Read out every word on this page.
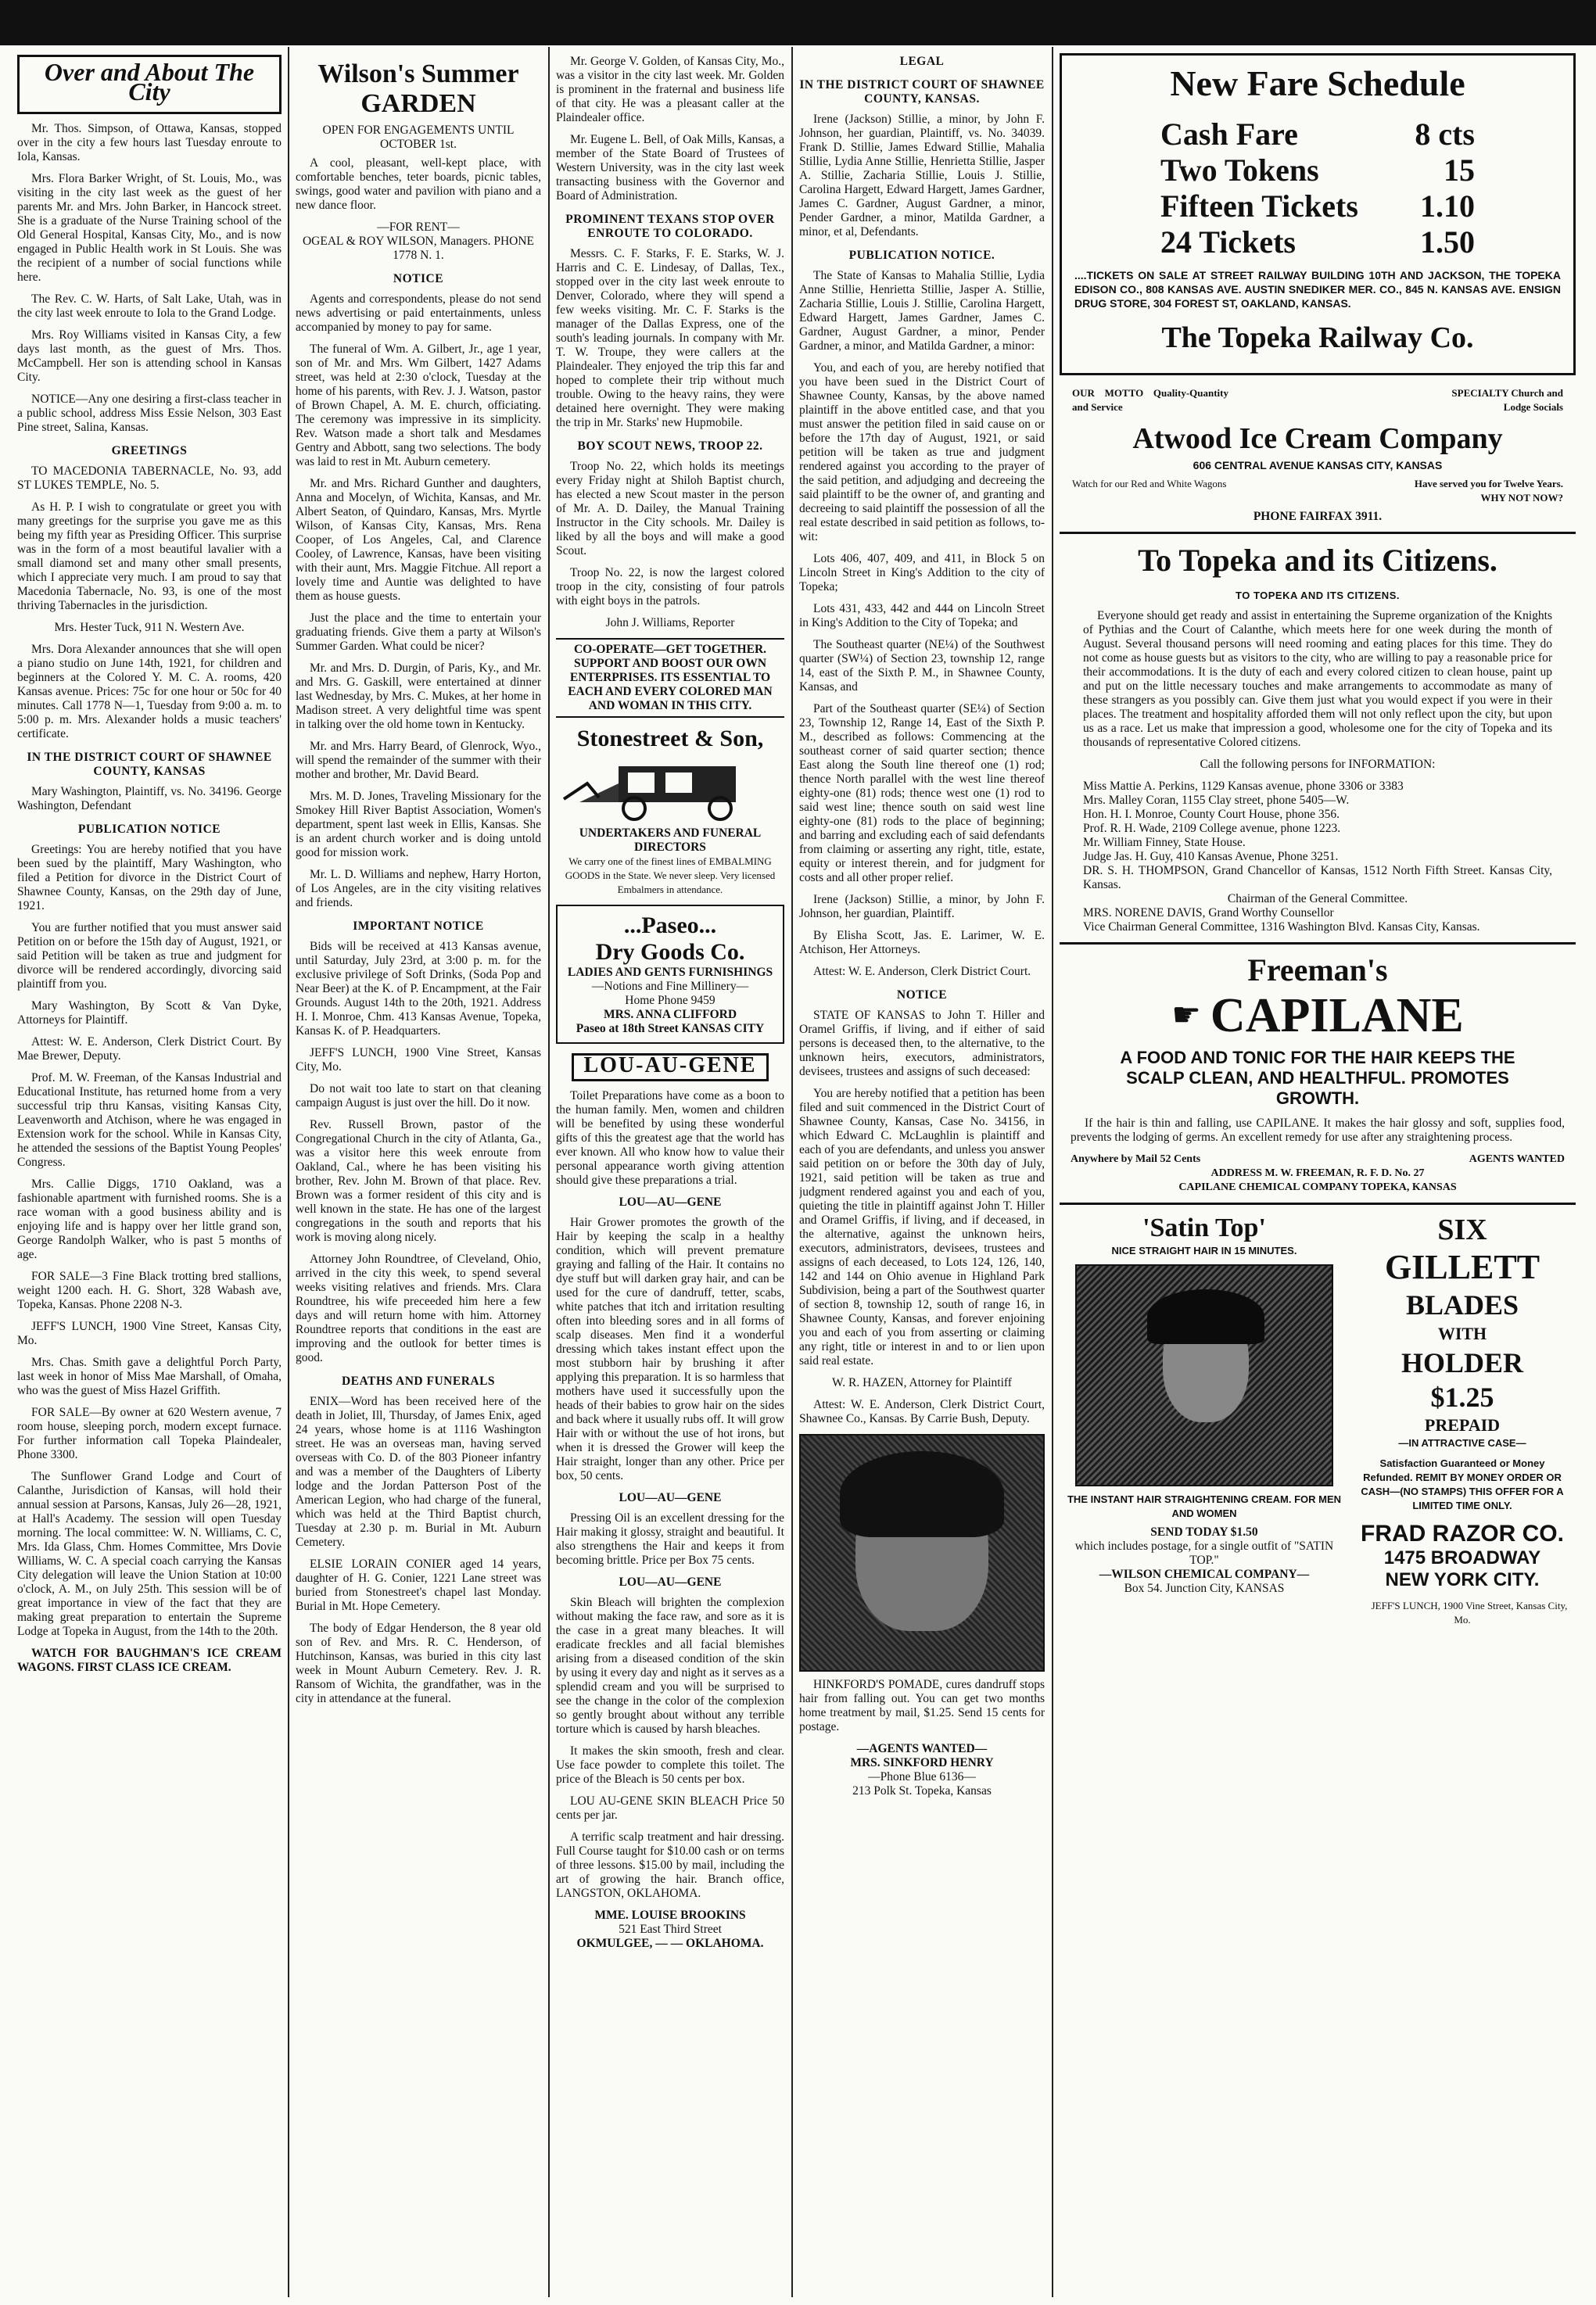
Over and About The City

Mr. Thos. Simpson, of Ottawa, Kansas, stopped over in the city a few hours last Tuesday enroute to Iola, Kansas.

Mrs. Flora Barker Wright, of St. Louis, Mo., was visiting in the city last week as the guest of her parents Mr. and Mrs. John Barker, in Hancock street. She is a graduate of the Nurse Training school of the Old General Hospital, Kansas City, Mo., and is now engaged in Public Health work in St Louis. She was the recipient of a number of social functions while here.

The Rev. C. W. Harts, of Salt Lake, Utah, was in the city last week enroute to Iola to the Grand Lodge.

Mrs. Roy Williams visited in Kansas City, a few days last month, as the guest of Mrs. Thos. McCampbell. Her son is attending school in Kansas City.

NOTICE—Any one desiring a first-class teacher in a public school, address Miss Essie Nelson, 303 East Pine street, Salina, Kansas.

GREETINGS

TO MACEDONIA TABERNACLE, No. 93, add ST LUKES TEMPLE, No. 5.

As H. P. I wish to congratulate or greet you with many greetings for the surprise you gave me as this being my fifth year as Presiding Officer. This surprise was in the form of a most beautiful lavalier with a small diamond set and many other small presents, which I appreciate very much. I am proud to say that Macedonia Tabernacle, No. 93, is one of the most thriving Tabernacles in the jurisdiction.

Mrs. Hester Tuck, 911 N. Western Ave.

Mrs. Dora Alexander announces that she will open a piano studio on June 14th, 1921, for children and beginners at the Colored Y. M. C. A. rooms, 420 Kansas avenue. Prices: 75c for one hour or 50c for 40 minutes. Call 1778 N—1, Tuesday from 9:00 a. m. to 5:00 p. m. Mrs. Alexander holds a music teachers' certificate.

IN THE DISTRICT COURT OF SHAWNEE COUNTY, KANSAS

Mary Washington, Plaintiff, vs. No. 34196. George Washington, Defendant

PUBLICATION NOTICE

Greetings: You are hereby notified that you have been sued by the plaintiff, Mary Washington, who filed a Petition for divorce in the District Court of Shawnee County, Kansas, on the 29th day of June, 1921.

You are further notified that you must answer said Petition on or before the 15th day of August, 1921, or said Petition will be taken as true and judgment for divorce will be rendered accordingly, divorcing said plaintiff from you.

Mary Washington, By Scott & Van Dyke, Attorneys for Plaintiff.

Attest: W. E. Anderson, Clerk District Court. By Mae Brewer, Deputy.

Prof. M. W. Freeman, of the Kansas Industrial and Educational Institute, has returned home from a very successful trip thru Kansas, visiting Kansas City, Leavenworth and Atchison, where he was engaged in Extension work for the school. While in Kansas City, he attended the sessions of the Baptist Young Peoples' Congress.

Mrs. Callie Diggs, 1710 Oakland, was a fashionable apartment with furnished rooms. She is a race woman with a good business ability and is enjoying life and is happy over her little grand son, George Randolph Walker, who is past 5 months of age.

FOR SALE—3 Fine Black trotting bred stallions, weight 1200 each. H. G. Short, 328 Wabash ave, Topeka, Kansas. Phone 2208 N-3.

JEFF'S LUNCH, 1900 Vine Street, Kansas City, Mo.

Mrs. Chas. Smith gave a delightful Porch Party, last week in honor of Miss Mae Marshall, of Omaha, who was the guest of Miss Hazel Griffith.

FOR SALE—By owner at 620 Western avenue, 7 room house, sleeping porch, modern except furnace. For further information call Topeka Plaindealer, Phone 3300.

The Sunflower Grand Lodge and Court of Calanthe, Jurisdiction of Kansas, will hold their annual session at Parsons, Kansas, July 26—28, 1921, at Hall's Academy. The session will open Tuesday morning. The local committee: W. N. Williams, C. C, Mrs. Ida Glass, Chm. Homes Committee, Mrs Dovie Williams, W. C. A special coach carrying the Kansas City delegation will leave the Union Station at 10:00 o'clock, A. M., on July 25th. This session will be of great importance in view of the fact that they are making great preparation to entertain the Supreme Lodge at Topeka in August, from the 14th to the 20th.

WATCH FOR BAUGHMAN'S ICE CREAM WAGONS. FIRST CLASS ICE CREAM.

Wilson's Summer
GARDEN
OPEN FOR ENGAGEMENTS UNTIL OCTOBER 1st.

A cool, pleasant, well-kept place, with comfortable benches, teter boards, picnic tables, swings, good water and pavilion with piano and a new dance floor.

—FOR RENT—
OGEAL & ROY WILSON, Managers. PHONE 1778 N. 1.
NOTICE

Agents and correspondents, please do not send news advertising or paid entertainments, unless accompanied by money to pay for same.

The funeral of Wm. A. Gilbert, Jr., age 1 year, son of Mr. and Mrs. Wm Gilbert, 1427 Adams street, was held at 2:30 o'clock, Tuesday at the home of his parents, with Rev. J. J. Watson, pastor of Brown Chapel, A. M. E. church, officiating. The ceremony was impressive in its simplicity. Rev. Watson made a short talk and Mesdames Gentry and Abbott, sang two selections. The body was laid to rest in Mt. Auburn cemetery.

Mr. and Mrs. Richard Gunther and daughters, Anna and Mocelyn, of Wichita, Kansas, and Mr. Albert Seaton, of Quindaro, Kansas, Mrs. Myrtle Wilson, of Kansas City, Kansas, Mrs. Rena Cooper, of Los Angeles, Cal, and Clarence Cooley, of Lawrence, Kansas, have been visiting with their aunt, Mrs. Maggie Fitchue. All report a lovely time and Auntie was delighted to have them as house guests.

Just the place and the time to entertain your graduating friends. Give them a party at Wilson's Summer Garden. What could be nicer?

Mr. and Mrs. D. Durgin, of Paris, Ky., and Mr. and Mrs. G. Gaskill, were entertained at dinner last Wednesday, by Mrs. C. Mukes, at her home in Madison street. A very delightful time was spent in talking over the old home town in Kentucky.

Mr. and Mrs. Harry Beard, of Glenrock, Wyo., will spend the remainder of the summer with their mother and brother, Mr. David Beard.

Mrs. M. D. Jones, Traveling Missionary for the Smokey Hill River Baptist Association, Women's department, spent last week in Ellis, Kansas. She is an ardent church worker and is doing untold good for mission work.

Mr. L. D. Williams and nephew, Harry Horton, of Los Angeles, are in the city visiting relatives and friends.

IMPORTANT NOTICE

Bids will be received at 413 Kansas avenue, until Saturday, July 23rd, at 3:00 p. m. for the exclusive privilege of Soft Drinks, (Soda Pop and Near Beer) at the K. of P. Encampment, at the Fair Grounds. August 14th to the 20th, 1921. Address H. I. Monroe, Chm. 413 Kansas Avenue, Topeka, Kansas K. of P. Headquarters.

JEFF'S LUNCH, 1900 Vine Street, Kansas City, Mo.

Do not wait too late to start on that cleaning campaign August is just over the hill. Do it now.

Rev. Russell Brown, pastor of the Congregational Church in the city of Atlanta, Ga., was a visitor here this week enroute from Oakland, Cal., where he has been visiting his brother, Rev. John M. Brown of that place. Rev. Brown was a former resident of this city and is well known in the state. He has one of the largest congregations in the south and reports that his work is moving along nicely.

Attorney John Roundtree, of Cleveland, Ohio, arrived in the city this week, to spend several weeks visiting relatives and friends. Mrs. Clara Roundtree, his wife preceeded him here a few days and will return home with him. Attorney Roundtree reports that conditions in the east are improving and the outlook for better times is good.

DEATHS AND FUNERALS

ENIX—Word has been received here of the death in Joliet, Ill, Thursday, of James Enix, aged 24 years, whose home is at 1116 Washington street. He was an overseas man, having served overseas with Co. D. of the 803 Pioneer infantry and was a member of the Daughters of Liberty lodge and the Jordan Patterson Post of the American Legion, who had charge of the funeral, which was held at the Third Baptist church, Tuesday at 2.30 p. m. Burial in Mt. Auburn Cemetery.

ELSIE LORAIN CONIER aged 14 years, daughter of H. G. Conier, 1221 Lane street was buried from Stonestreet's chapel last Monday. Burial in Mt. Hope Cemetery.

The body of Edgar Henderson, the 8 year old son of Rev. and Mrs. R. C. Henderson, of Hutchinson, Kansas, was buried in this city last week in Mount Auburn Cemetery. Rev. J. R. Ransom of Wichita, the grandfather, was in the city in attendance at the funeral.

Mr. George V. Golden, of Kansas City, Mo., was a visitor in the city last week. Mr. Golden is prominent in the fraternal and business life of that city. He was a pleasant caller at the Plaindealer office.

Mr. Eugene L. Bell, of Oak Mills, Kansas, a member of the State Board of Trustees of Western University, was in the city last week transacting business with the Governor and Board of Administration.

PROMINENT TEXANS STOP OVER ENROUTE TO COLORADO.

Messrs. C. F. Starks, F. E. Starks, W. J. Harris and C. E. Lindesay, of Dallas, Tex., stopped over in the city last week enroute to Denver, Colorado, where they will spend a few weeks visiting. Mr. C. F. Starks is the manager of the Dallas Express, one of the south's leading journals. In company with Mr. T. W. Troupe, they were callers at the Plaindealer. They enjoyed the trip this far and hoped to complete their trip without much trouble. Owing to the heavy rains, they were detained here overnight. They were making the trip in Mr. Starks' new Hupmobile.

BOY SCOUT NEWS, TROOP 22.

Troop No. 22, which holds its meetings every Friday night at Shiloh Baptist church, has elected a new Scout master in the person of Mr. A. D. Dailey, the Manual Training Instructor in the City schools. Mr. Dailey is liked by all the boys and will make a good Scout.

Troop No. 22, is now the largest colored troop in the city, consisting of four patrols with eight boys in the patrols.

John J. Williams, Reporter

CO-OPERATE—GET TOGETHER. SUPPORT AND BOOST OUR OWN ENTERPRISES. ITS ESSENTIAL TO EACH AND EVERY COLORED MAN AND WOMAN IN THIS CITY.

Stonestreet & Son,
UNDERTAKERS AND FUNERAL DIRECTORS

We carry one of the finest lines of EMBALMING GOODS in the State. We never sleep. Very licensed Embalmers in attendance.

...Paseo...
Dry Goods Co.
LADIES AND GENTS FURNISHINGS
—Notions and Fine Millinery—
Home Phone 9459
MRS. ANNA CLIFFORD
Paseo at 18th Street KANSAS CITY
LOU-AU-GENE

Toilet Preparations have come as a boon to the human family. Men, women and children will be benefited by using these wonderful gifts of this the greatest age that the world has ever known. All who know how to value their personal appearance worth giving attention should give these preparations a trial.

LOU—AU—GENE

Hair Grower promotes the growth of the Hair by keeping the scalp in a healthy condition, which will prevent premature graying and falling of the Hair. It contains no dye stuff but will darken gray hair, and can be used for the cure of dandruff, tetter, scabs, white patches that itch and irritation resulting often into bleeding sores and in all forms of scalp diseases. Men find it a wonderful dressing which takes instant effect upon the most stubborn hair by brushing it after applying this preparation. It is so harmless that mothers have used it successfully upon the heads of their babies to grow hair on the sides and back where it usually rubs off. It will grow Hair with or without the use of hot irons, but when it is dressed the Grower will keep the Hair straight, longer than any other. Price per box, 50 cents.

LOU—AU—GENE

Pressing Oil is an excellent dressing for the Hair making it glossy, straight and beautiful. It also strengthens the Hair and keeps it from becoming brittle. Price per Box 75 cents.

LOU—AU—GENE

Skin Bleach will brighten the complexion without making the face raw, and sore as it is the case in a great many bleaches. It will eradicate freckles and all facial blemishes arising from a diseased condition of the skin by using it every day and night as it serves as a splendid cream and you will be surprised to see the change in the color of the complexion so gently brought about without any terrible torture which is caused by harsh bleaches.

It makes the skin smooth, fresh and clear. Use face powder to complete this toilet. The price of the Bleach is 50 cents per box.

LOU AU-GENE SKIN BLEACH Price 50 cents per jar.

A terrific scalp treatment and hair dressing. Full Course taught for $10.00 cash or on terms of three lessons. $15.00 by mail, including the art of growing the hair. Branch office, LANGSTON, OKLAHOMA.

MME. LOUISE BROOKINS
521 East Third Street
OKMULGEE, — — OKLAHOMA.
LEGAL
IN THE DISTRICT COURT OF SHAWNEE COUNTY, KANSAS.

Irene (Jackson) Stillie, a minor, by John F. Johnson, her guardian, Plaintiff, vs. No. 34039. Frank D. Stillie, James Edward Stillie, Mahalia Stillie, Lydia Anne Stillie, Henrietta Stillie, Jasper A. Stillie, Zacharia Stillie, Louis J. Stillie, Carolina Hargett, Edward Hargett, James Gardner, James C. Gardner, August Gardner, a minor, Pender Gardner, a minor, Matilda Gardner, a minor, et al, Defendants.

PUBLICATION NOTICE.

The State of Kansas to Mahalia Stillie, Lydia Anne Stillie, Henrietta Stillie, Jasper A. Stillie, Zacharia Stillie, Louis J. Stillie, Carolina Hargett, Edward Hargett, James Gardner, James C. Gardner, August Gardner, a minor, Pender Gardner, a minor, and Matilda Gardner, a minor:

You, and each of you, are hereby notified that you have been sued in the District Court of Shawnee County, Kansas, by the above named plaintiff in the above entitled case, and that you must answer the petition filed in said cause on or before the 17th day of August, 1921, or said petition will be taken as true and judgment rendered against you according to the prayer of the said petition, and adjudging and decreeing the said plaintiff to be the owner of, and granting and decreeing to said plaintiff the possession of all the real estate described in said petition as follows, to-wit:

Lots 406, 407, 409, and 411, in Block 5 on Lincoln Street in King's Addition to the city of Topeka;

Lots 431, 433, 442 and 444 on Lincoln Street in King's Addition to the City of Topeka; and

The Southeast quarter (NE¼) of the Southwest quarter (SW¼) of Section 23, township 12, range 14, east of the Sixth P. M., in Shawnee County, Kansas, and

Part of the Southeast quarter (SE¼) of Section 23, Township 12, Range 14, East of the Sixth P. M., described as follows: Commencing at the southeast corner of said quarter section; thence East along the South line thereof one (1) rod; thence North parallel with the west line thereof eighty-one (81) rods; thence west one (1) rod to said west line; thence south on said west line eighty-one (81) rods to the place of beginning; and barring and excluding each of said defendants from claiming or asserting any right, title, estate, equity or interest therein, and for judgment for costs and all other proper relief.

Irene (Jackson) Stillie, a minor, by John F. Johnson, her guardian, Plaintiff.

By Elisha Scott, Jas. E. Larimer, W. E. Atchison, Her Attorneys.

Attest: W. E. Anderson, Clerk District Court.

NOTICE

STATE OF KANSAS to John T. Hiller and Oramel Griffis, if living, and if either of said persons is deceased then, to the alternative, to the unknown heirs, executors, administrators, devisees, trustees and assigns of such deceased:

You are hereby notified that a petition has been filed and suit commenced in the District Court of Shawnee County, Kansas, Case No. 34156, in which Edward C. McLaughlin is plaintiff and each of you are defendants, and unless you answer said petition on or before the 30th day of July, 1921, said petition will be taken as true and judgment rendered against you and each of you, quieting the title in plaintiff against John T. Hiller and Oramel Griffis, if living, and if deceased, in the alternative, against the unknown heirs, executors, administrators, devisees, trustees and assigns of each deceased, to Lots 124, 126, 140, 142 and 144 on Ohio avenue in Highland Park Subdivision, being a part of the Southwest quarter of section 8, township 12, south of range 16, in Shawnee County, Kansas, and forever enjoining you and each of you from asserting or claiming any right, title or interest in and to or lien upon said real estate.

W. R. HAZEN, Attorney for Plaintiff

Attest: W. E. Anderson, Clerk District Court, Shawnee Co., Kansas. By Carrie Bush, Deputy.

HINKFORD'S POMADE, cures dandruff stops hair from falling out. You can get two months home treatment by mail, $1.25. Send 15 cents for postage.

—AGENTS WANTED—
MRS. SINKFORD HENRY
—Phone Blue 6136—
213 Polk St. Topeka, Kansas
New Fare Schedule
Cash Fare	8 cts
Two Tokens	15
Fifteen Tickets 1.10
24 Tickets	1.50

....TICKETS ON SALE AT STREET RAILWAY BUILDING 10TH AND JACKSON, THE TOPEKA EDISON CO., 808 KANSAS AVE. AUSTIN SNEDIKER MER. CO., 845 N. KANSAS AVE. ENSIGN DRUG STORE, 304 FOREST ST, OAKLAND, KANSAS.

The Topeka Railway Co.
OUR MOTTO Quality-Quantity and Service
SPECIALTY Church and Lodge Socials
Atwood Ice Cream Company
606 CENTRAL AVENUE KANSAS CITY, KANSAS
Watch for our Red and White Wagons	Have served you for Twelve Years. WHY NOT NOW?
PHONE FAIRFAX 3911.
To Topeka and its Citizens.
TO TOPEKA AND ITS CITIZENS.

Everyone should get ready and assist in entertaining the Supreme organization of the Knights of Pythias and the Court of Calanthe, which meets here for one week during the month of August. Several thousand persons will need rooming and eating places for this time. They do not come as house guests but as visitors to the city, who are willing to pay a reasonable price for their accommodations. It is the duty of each and every colored citizen to clean house, paint up and put on the little necessary touches and make arrangements to accommodate as many of these strangers as you possibly can. Give them just what you would expect if you were in their places. The treatment and hospitality afforded them will not only reflect upon the city, but upon us as a race. Let us make that impression a good, wholesome one for the city of Topeka and its thousands of representative Colored citizens.

Call the following persons for INFORMATION:

Miss Mattie A. Perkins, 1129 Kansas avenue, phone 3306 or 3383
Mrs. Malley Coran, 1155 Clay street, phone 5405—W.
Hon. H. I. Monroe, County Court House, phone 356.
Prof. R. H. Wade, 2109 College avenue, phone 1223.
Mr. William Finney, State House.
Judge Jas. H. Guy, 410 Kansas Avenue, Phone 3251.
DR. S. H. THOMPSON, Grand Chancellor of Kansas, 1512 North Fifth Street. Kansas City, Kansas.
Chairman of the General Committee.
MRS. NORENE DAVIS, Grand Worthy Counsellor
Vice Chairman General Committee, 1316 Washington Blvd. Kansas City, Kansas.
Freeman's
☛ CAPILANE
A FOOD AND TONIC FOR THE HAIR KEEPS THE SCALP CLEAN, AND HEALTHFUL. PROMOTES GROWTH.

If the hair is thin and falling, use CAPILANE. It makes the hair glossy and soft, supplies food, prevents the lodging of germs. An excellent remedy for use after any straightening process.

Anywhere by Mail 52 Cents	AGENTS WANTED
ADDRESS M. W. FREEMAN, R. F. D. No. 27
CAPILANE CHEMICAL COMPANY TOPEKA, KANSAS
'Satin Top'
NICE STRAIGHT HAIR IN 15 MINUTES.
THE INSTANT HAIR STRAIGHTENING CREAM. FOR MEN AND WOMEN
SEND TODAY $1.50
which includes postage, for a single outfit of "SATIN TOP."
—WILSON CHEMICAL COMPANY—
Box 54. Junction City, KANSAS
SIX
GILLETT
BLADES
WITH
HOLDER
$1.25
PREPAID
—IN ATTRACTIVE CASE—

Satisfaction Guaranteed or Money Refunded. REMIT BY MONEY ORDER OR CASH—(NO STAMPS) THIS OFFER FOR A LIMITED TIME ONLY.

FRAD RAZOR CO.
1475 BROADWAY
NEW YORK CITY.

JEFF'S LUNCH, 1900 Vine Street, Kansas City, Mo.
